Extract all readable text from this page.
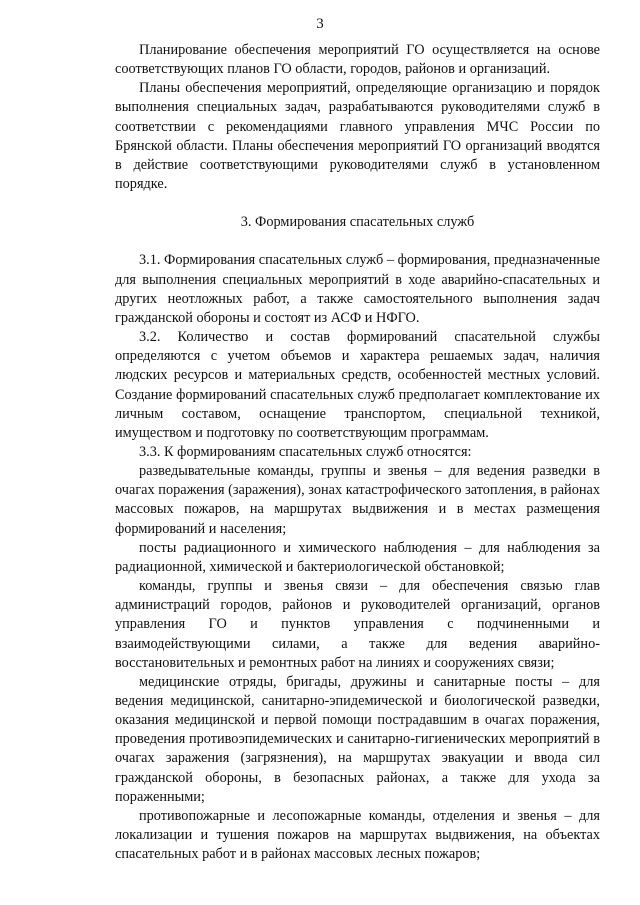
3

Планирование обеспечения мероприятий ГО осуществляется на основе соответствующих планов ГО области, городов, районов и организаций.

Планы обеспечения мероприятий, определяющие организацию и порядок выполнения специальных задач, разрабатываются руководителями служб в соответствии с рекомендациями главного управления МЧС России по Брянской области. Планы обеспечения мероприятий ГО организаций вводятся в действие соответствующими руководителями служб в установленном порядке.

3. Формирования спасательных служб

3.1. Формирования спасательных служб – формирования, предназначенные для выполнения специальных мероприятий в ходе аварийно-спасательных и других неотложных работ, а также самостоятельного выполнения задач гражданской обороны и состоят из АСФ и НФГО.

3.2. Количество и состав формирований спасательной службы определяются с учетом объемов и характера решаемых задач, наличия людских ресурсов и материальных средств, особенностей местных условий. Создание формирований спасательных служб предполагает комплектование их личным составом, оснащение транспортом, специальной техникой, имуществом и подготовку по соответствующим программам.

3.3. К формированиям спасательных служб относятся:

разведывательные команды, группы и звенья – для ведения разведки в очагах поражения (заражения), зонах катастрофического затопления, в районах массовых пожаров, на маршрутах выдвижения и в местах размещения формирований и населения;

посты радиационного и химического наблюдения – для наблюдения за радиационной, химической и бактериологической обстановкой;

команды, группы и звенья связи – для обеспечения связью глав администраций городов, районов и руководителей организаций, органов управления ГО и пунктов управления с подчиненными и взаимодействующими силами, а также для ведения аварийно-восстановительных и ремонтных работ на линиях и сооружениях связи;

медицинские отряды, бригады, дружины и санитарные посты – для ведения медицинской, санитарно-эпидемической и биологической разведки, оказания медицинской и первой помощи пострадавшим в очагах поражения, проведения противоэпидемических и санитарно-гигиенических мероприятий в очагах заражения (загрязнения), на маршрутах эвакуации и ввода сил гражданской обороны, в безопасных районах, а также для ухода за пораженными;

противопожарные и лесопожарные команды, отделения и звенья – для локализации и тушения пожаров на маршрутах выдвижения, на объектах спасательных работ и в районах массовых лесных пожаров;
